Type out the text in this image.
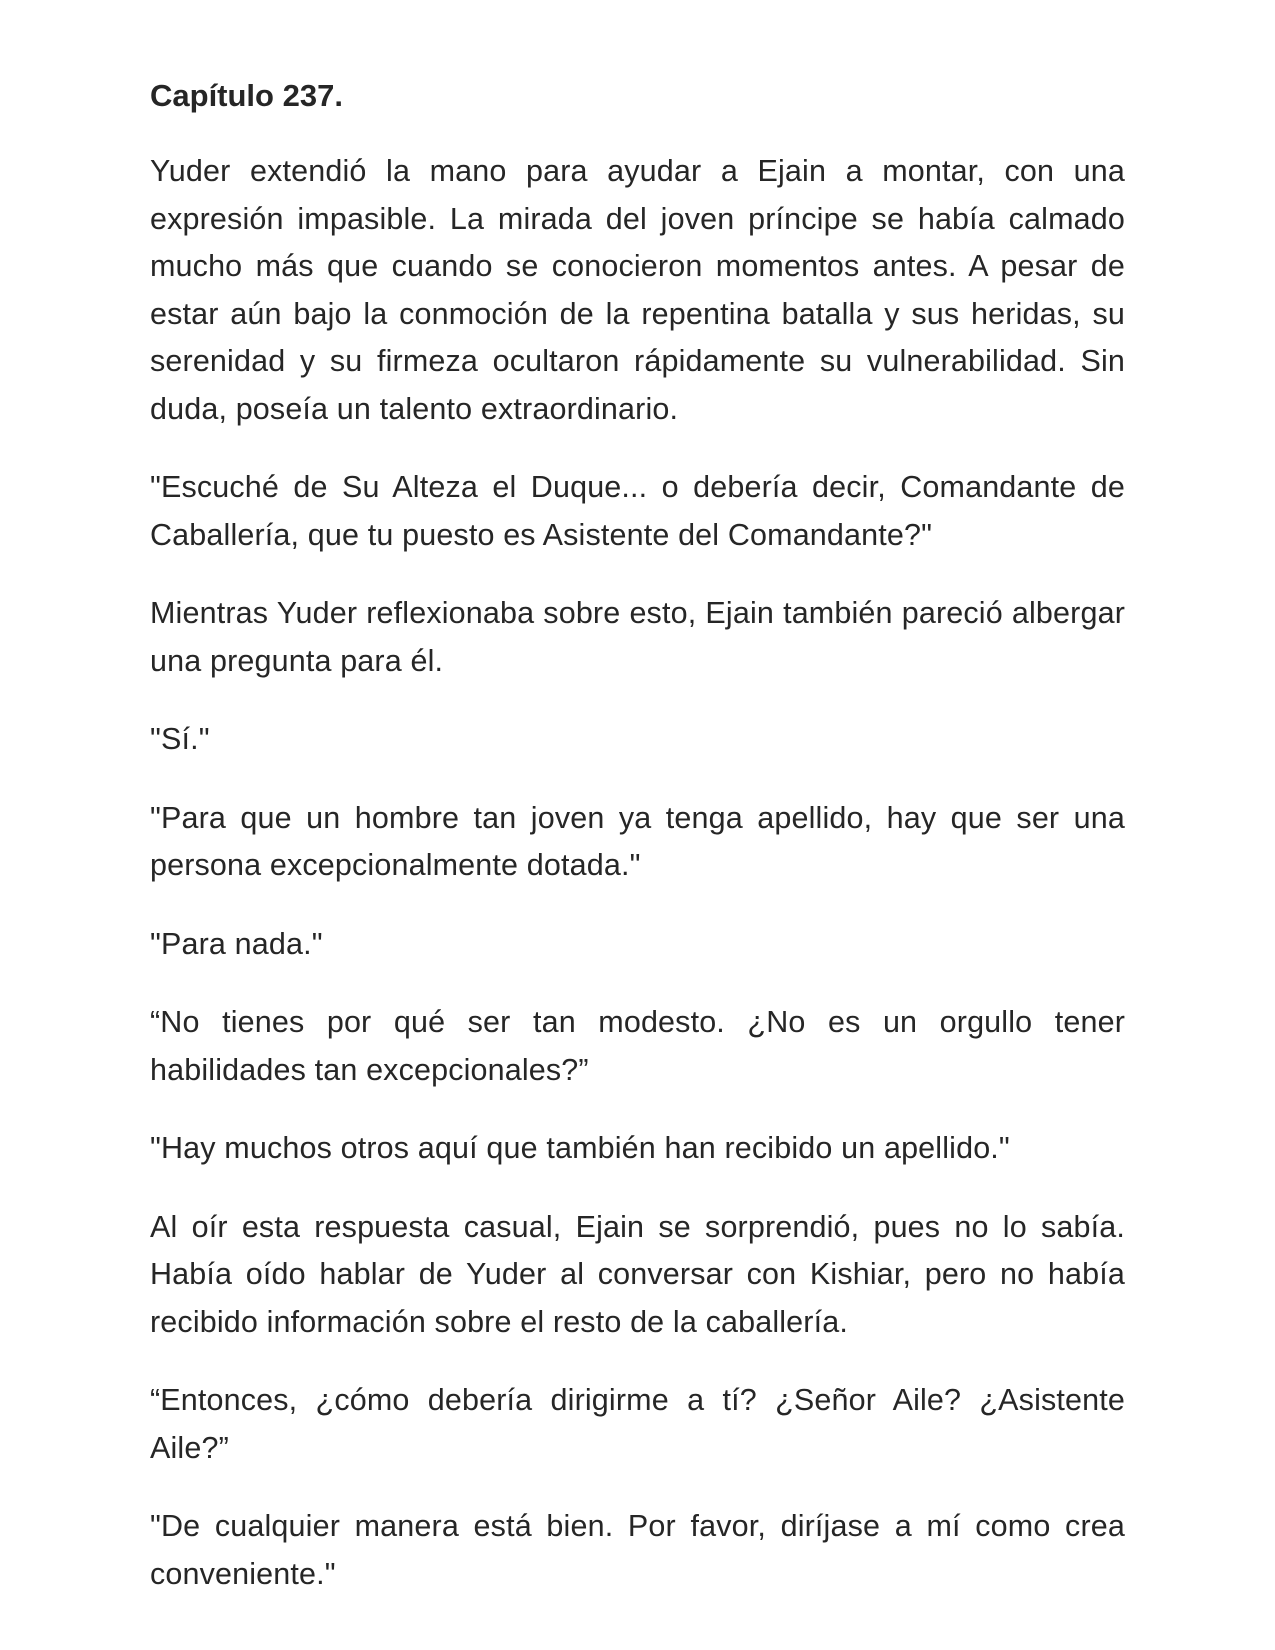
Capítulo 237.

Yuder extendió la mano para ayudar a Ejain a montar, con una expresión impasible. La mirada del joven príncipe se había calmado mucho más que cuando se conocieron momentos antes. A pesar de estar aún bajo la conmoción de la repentina batalla y sus heridas, su serenidad y su firmeza ocultaron rápidamente su vulnerabilidad. Sin duda, poseía un talento extraordinario.

"Escuché de Su Alteza el Duque... o debería decir, Comandante de Caballería, que tu puesto es Asistente del Comandante?"

Mientras Yuder reflexionaba sobre esto, Ejain también pareció albergar una pregunta para él.

"Sí."

"Para que un hombre tan joven ya tenga apellido, hay que ser una persona excepcionalmente dotada."

"Para nada."

“No tienes por qué ser tan modesto. ¿No es un orgullo tener habilidades tan excepcionales?”

"Hay muchos otros aquí que también han recibido un apellido."

Al oír esta respuesta casual, Ejain se sorprendió, pues no lo sabía. Había oído hablar de Yuder al conversar con Kishiar, pero no había recibido información sobre el resto de la caballería.

“Entonces, ¿cómo debería dirigirme a tí? ¿Señor Aile? ¿Asistente Aile?”

"De cualquier manera está bien. Por favor, diríjase a mí como crea conveniente."
